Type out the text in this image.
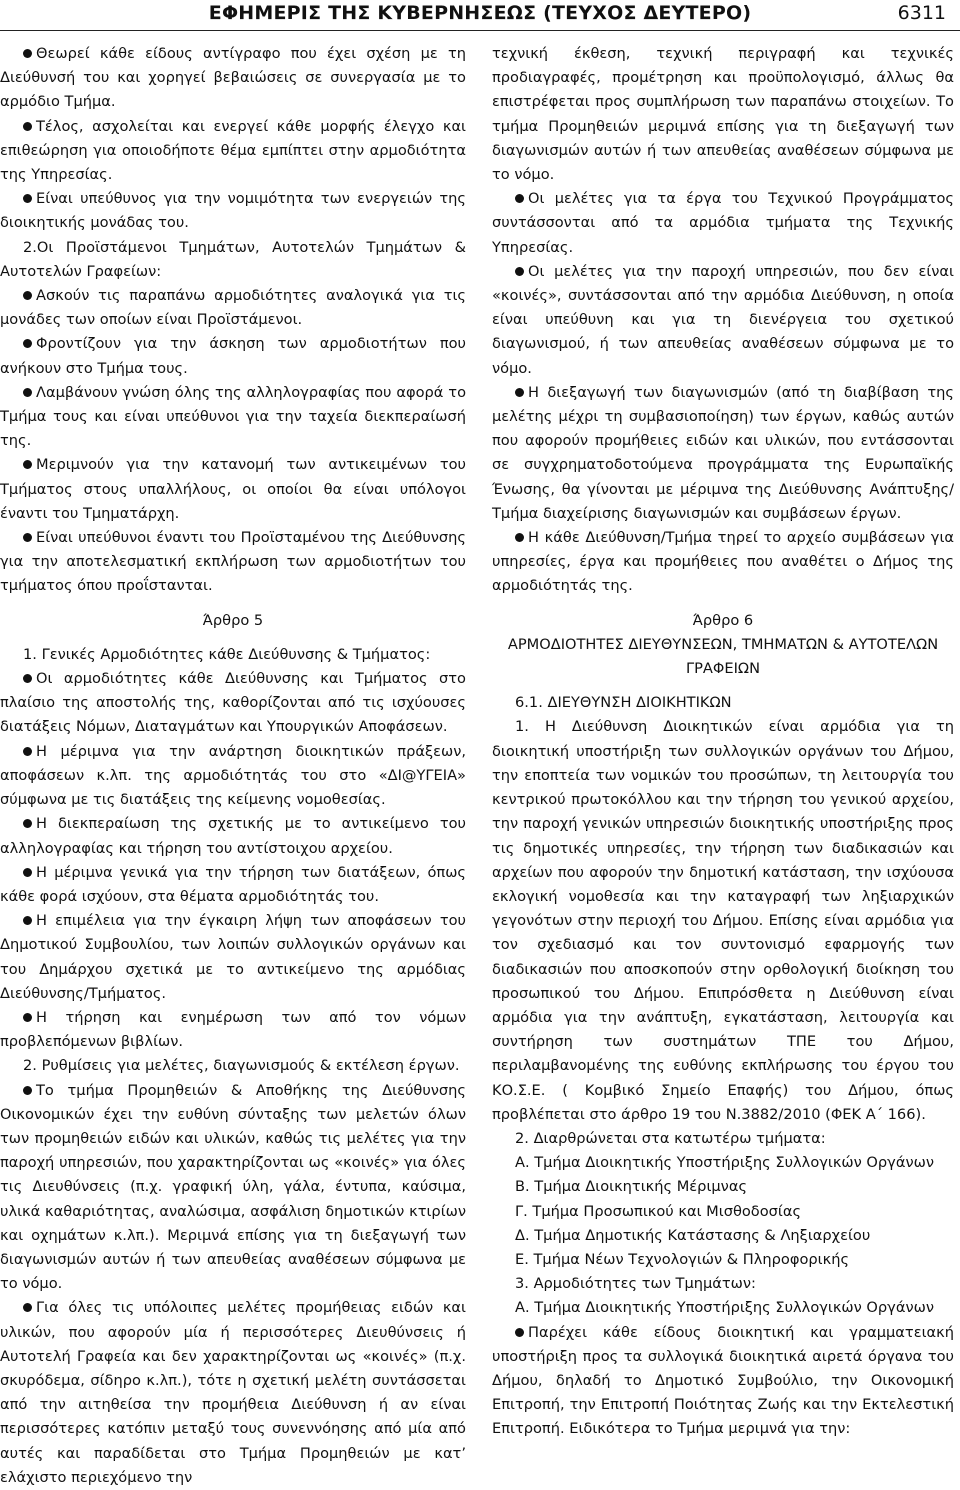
ΕΦΗΜΕΡΙΣ ΤΗΣ ΚΥΒΕΡΝΗΣΕΩΣ (ΤΕΥΧΟΣ ΔΕΥΤΕΡΟ)	6311

Θεωρεί κάθε είδους αντίγραφο που έχει σχέση με τη Διεύθυνσή του και χορηγεί βεβαιώσεις σε συνεργασία με το αρμόδιο Τμήμα.

Τέλος, ασχολείται και ενεργεί κάθε μορφής έλεγχο και επιθεώρηση για οποιοδήποτε θέμα εμπίπτει στην αρμοδιότητα της Υπηρεσίας.

Είναι υπεύθυνος για την νομιμότητα των ενεργειών της διοικητικής μονάδας του.

2.Οι Προϊστάμενοι Τμημάτων, Αυτοτελών Τμημάτων & Αυτοτελών Γραφείων:

Ασκούν τις παραπάνω αρμοδιότητες αναλογικά για τις μονάδες των οποίων είναι Προϊστάμενοι.

Φροντίζουν για την άσκηση των αρμοδιοτήτων που ανήκουν στο Τμήμα τους.

Λαμβάνουν γνώση όλης της αλληλογραφίας που αφορά το Τμήμα τους και είναι υπεύθυνοι για την ταχεία διεκπεραίωσή της.

Μεριμνούν για την κατανομή των αντικειμένων του Τμήματος στους υπαλλήλους, οι οποίοι θα είναι υπόλογοι έναντι του Τμηματάρχη.

Είναι υπεύθυνοι έναντι του Προϊσταμένου της Διεύθυνσης για την αποτελεσματική εκπλήρωση των αρμοδιοτήτων του τμήματος όπου προΐστανται.

Άρθρο 5

1. Γενικές Αρμοδιότητες κάθε Διεύθυνσης & Τμήματος:

Οι αρμοδιότητες κάθε Διεύθυνσης και Τμήματος στο πλαίσιο της αποστολής της, καθορίζονται από τις ισχύουσες διατάξεις Νόμων, Διαταγμάτων και Υπουργικών Αποφάσεων.

Η μέριμνα για την ανάρτηση διοικητικών πράξεων, αποφάσεων κ.λπ. της αρμοδιότητάς του στο «ΔΙ@ΥΓΕΙΑ» σύμφωνα με τις διατάξεις της κείμενης νομοθεσίας.

Η διεκπεραίωση της σχετικής με το αντικείμενο του αλληλογραφίας και τήρηση του αντίστοιχου αρχείου.

Η μέριμνα γενικά για την τήρηση των διατάξεων, όπως κάθε φορά ισχύουν, στα θέματα αρμοδιότητάς του.

Η επιμέλεια για την έγκαιρη λήψη των αποφάσεων του Δημοτικού Συμβουλίου, των λοιπών συλλογικών οργάνων και του Δημάρχου σχετικά με το αντικείμενο της αρμόδιας Διεύθυνσης/Τμήματος.

Η τήρηση και ενημέρωση των από τον νόμων προβλεπόμενων βιβλίων.

2. Ρυθμίσεις για μελέτες, διαγωνισμούς & εκτέλεση έργων.

Το τμήμα Προμηθειών & Αποθήκης της Διεύθυνσης Οικονομικών έχει την ευθύνη σύνταξης των μελετών όλων των προμηθειών ειδών και υλικών, καθώς τις μελέτες για την παροχή υπηρεσιών, που χαρακτηρίζονται ως «κοινές» για όλες τις Διευθύνσεις (π.χ. γραφική ύλη, γάλα, έντυπα, καύσιμα, υλικά καθαριότητας, αναλώσιμα, ασφάλιση δημοτικών κτιρίων και οχημάτων κ.λπ.). Μεριμνά επίσης για τη διεξαγωγή των διαγωνισμών αυτών ή των απευθείας αναθέσεων σύμφωνα με το νόμο.

Για όλες τις υπόλοιπες μελέτες προμήθειας ειδών και υλικών, που αφορούν μία ή περισσότερες Διευθύνσεις ή Αυτοτελή Γραφεία και δεν χαρακτηρίζονται ως «κοινές» (π.χ. σκυρόδεμα, σίδηρο κ.λπ.), τότε η σχετική μελέτη συντάσσεται από την αιτηθείσα την προμήθεια Διεύθυνση ή αν είναι περισσότερες κατόπιν μεταξύ τους συνεννόησης από μία από αυτές και παραδίδεται στο Τμήμα Προμηθειών με κατ’ ελάχιστο περιεχόμενο την

τεχνική έκθεση, τεχνική περιγραφή και τεχνικές προδιαγραφές, προμέτρηση και προϋπολογισμό, άλλως θα επιστρέφεται προς συμπλήρωση των παραπάνω στοιχείων. Το τμήμα Προμηθειών μεριμνά επίσης για τη διεξαγωγή των διαγωνισμών αυτών ή των απευθείας αναθέσεων σύμφωνα με το νόμο.

Οι μελέτες για τα έργα του Τεχνικού Προγράμματος συντάσσονται από τα αρμόδια τμήματα της Τεχνικής Υπηρεσίας.

Οι μελέτες για την παροχή υπηρεσιών, που δεν είναι «κοινές», συντάσσονται από την αρμόδια Διεύθυνση, η οποία είναι υπεύθυνη και για τη διενέργεια του σχετικού διαγωνισμού, ή των απευθείας αναθέσεων σύμφωνα με το νόμο.

Η διεξαγωγή των διαγωνισμών (από τη διαβίβαση της μελέτης μέχρι τη συμβασιοποίηση) των έργων, καθώς αυτών που αφορούν προμήθειες ειδών και υλικών, που εντάσσονται σε συγχρηματοδοτούμενα προγράμματα της Ευρωπαϊκής Ένωσης, θα γίνονται με μέριμνα της Διεύθυνσης Ανάπτυξης/Τμήμα διαχείρισης διαγωνισμών και συμβάσεων έργων.

Η κάθε Διεύθυνση/Τμήμα τηρεί το αρχείο συμβάσεων για υπηρεσίες, έργα και προμήθειες που αναθέτει ο Δήμος της αρμοδιότητάς της.

Άρθρο 6

ΑΡΜΟΔΙΟΤΗΤΕΣ ΔΙΕΥΘΥΝΣΕΩΝ, ΤΜΗΜΑΤΩΝ & ΑΥΤΟΤΕΛΩΝ ΓΡΑΦΕΙΩΝ

6.1. ΔΙΕΥΘΥΝΣΗ ΔΙΟΙΚΗΤΙΚΩΝ

1. Η Διεύθυνση Διοικητικών είναι αρμόδια για τη διοικητική υποστήριξη των συλλογικών οργάνων του Δήμου, την εποπτεία των νομικών του προσώπων, τη λειτουργία του κεντρικού πρωτοκόλλου και την τήρηση του γενικού αρχείου, την παροχή γενικών υπηρεσιών διοικητικής υποστήριξης προς τις δημοτικές υπηρεσίες, την τήρηση των διαδικασιών και αρχείων που αφορούν την δημοτική κατάσταση, την ισχύουσα εκλογική νομοθεσία και την καταγραφή των ληξιαρχικών γεγονότων στην περιοχή του Δήμου. Επίσης είναι αρμόδια για τον σχεδιασμό και τον συντονισμό εφαρμογής των διαδικασιών που αποσκοπούν στην ορθολογική διοίκηση του προσωπικού του Δήμου. Επιπρόσθετα η Διεύθυνση είναι αρμόδια για την ανάπτυξη, εγκατάσταση, λειτουργία και συντήρηση των συστημάτων ΤΠΕ του Δήμου, περιλαμβανομένης της ευθύνης εκπλήρωσης του έργου του ΚΟ.Σ.Ε. ( Κομβικό Σημείο Επαφής) του Δήμου, όπως προβλέπεται στο άρθρο 19 του Ν.3882/2010 (ΦΕΚ Α΄ 166).

2. Διαρθρώνεται στα κατωτέρω τμήματα:

Α. Τμήμα Διοικητικής Υποστήριξης Συλλογικών Οργάνων

Β. Τμήμα Διοικητικής Μέριμνας

Γ. Τμήμα Προσωπικού και Μισθοδοσίας

Δ. Τμήμα Δημοτικής Κατάστασης & Ληξιαρχείου

Ε. Τμήμα Νέων Τεχνολογιών & Πληροφορικής

3. Αρμοδιότητες των Τμημάτων:

Α. Τμήμα Διοικητικής Υποστήριξης Συλλογικών Οργάνων

Παρέχει κάθε είδους διοικητική και γραμματειακή υποστήριξη προς τα συλλογικά διοικητικά αιρετά όργανα του Δήμου, δηλαδή το Δημοτικό Συμβούλιο, την Οικονομική Επιτροπή, την Επιτροπή Ποιότητας Ζωής και την Εκτελεστική Επιτροπή. Ειδικότερα το Τμήμα μεριμνά για την:
